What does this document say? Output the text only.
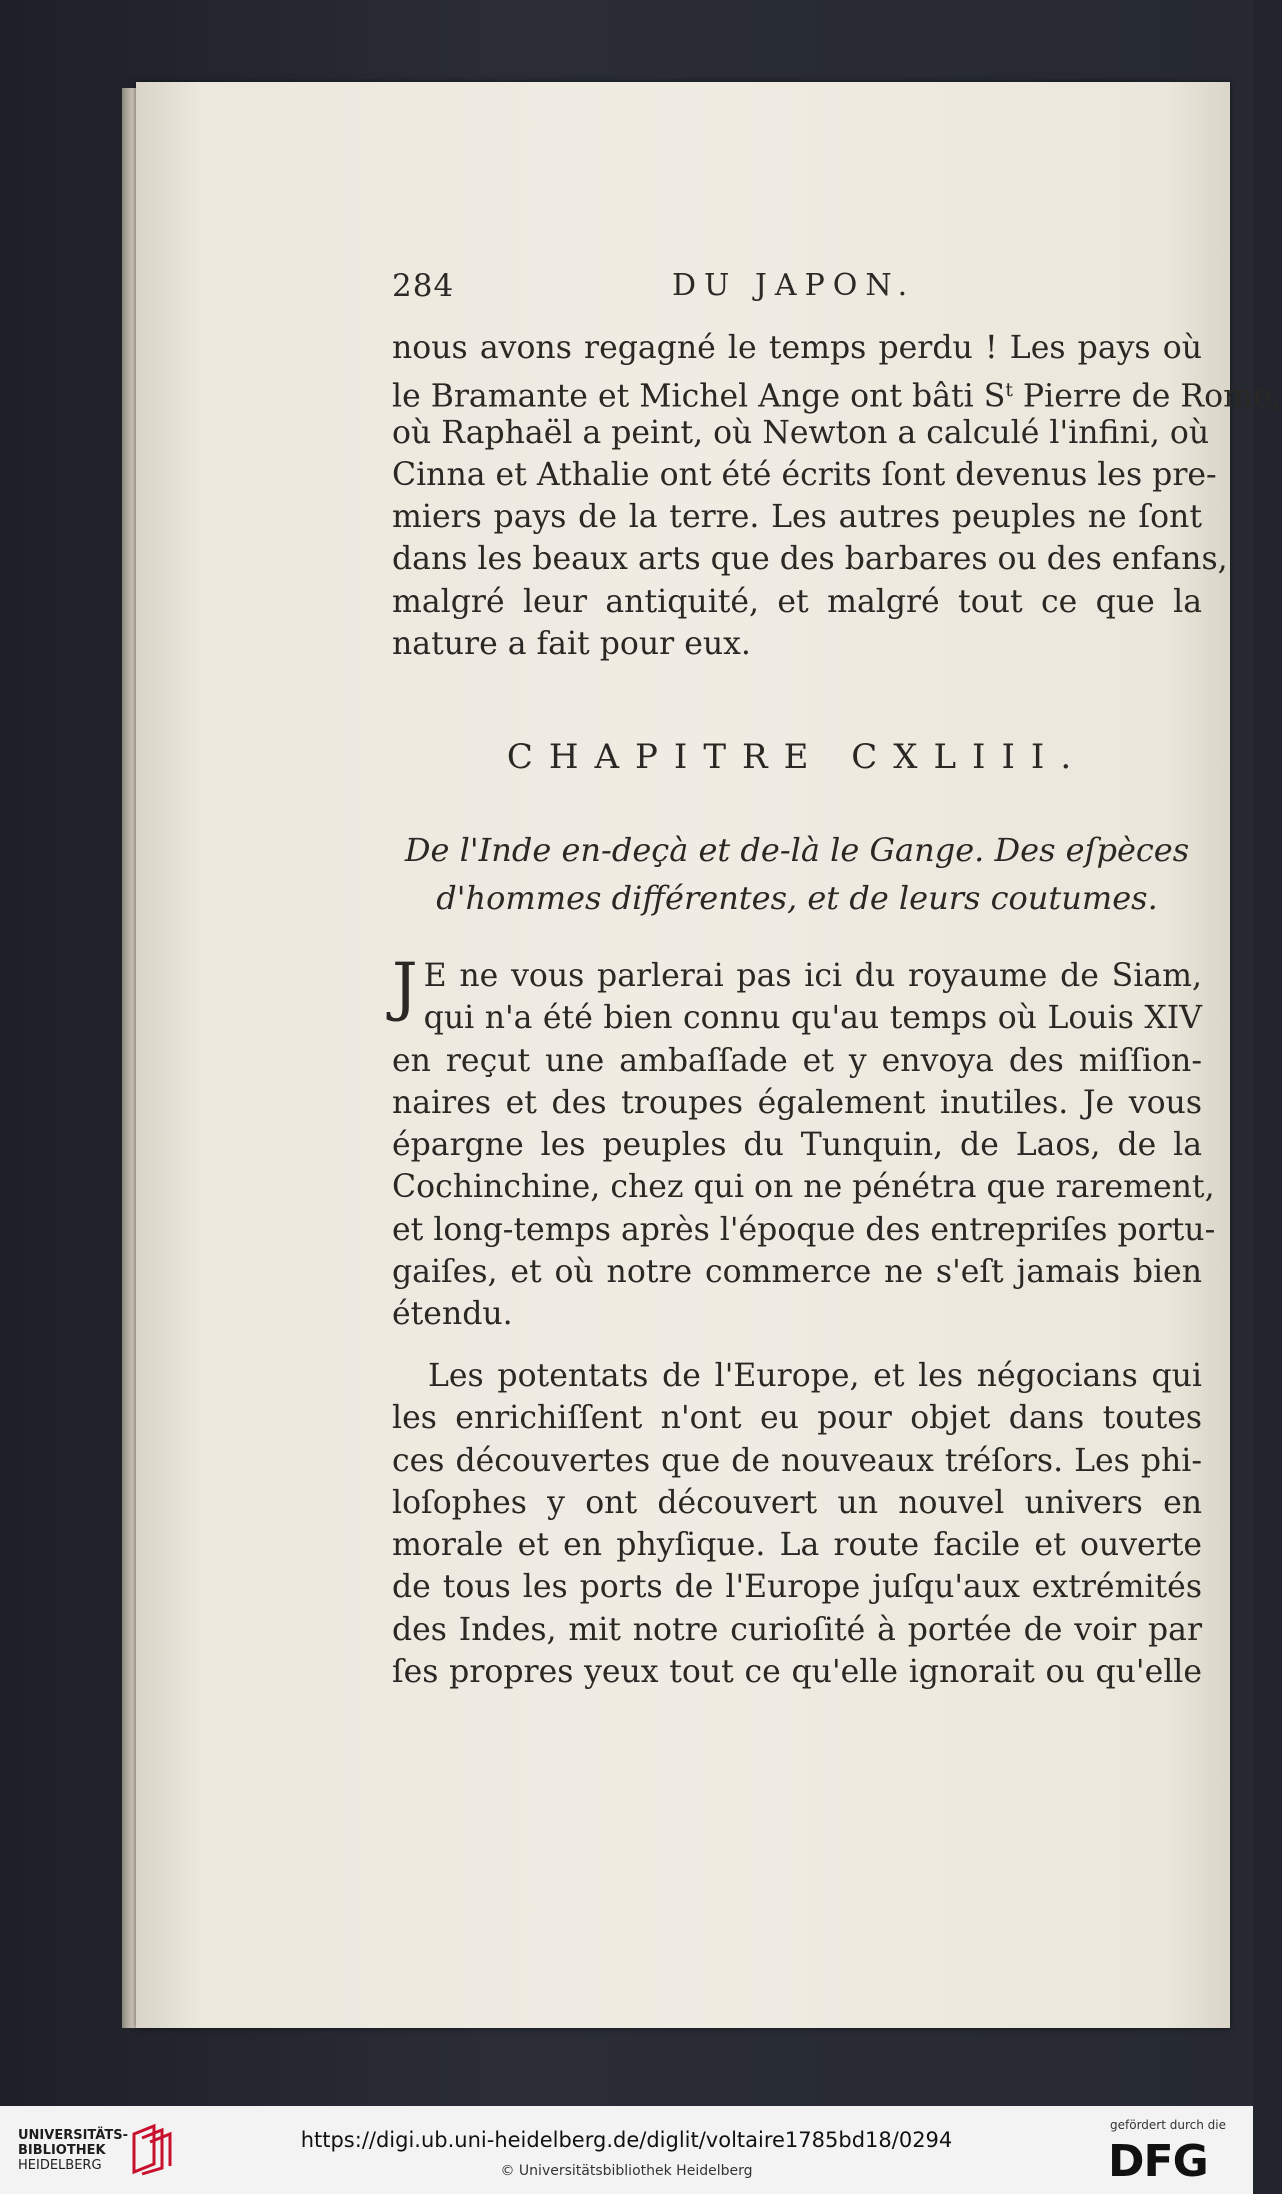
284	DU JAPON.
nous avons regagné le temps perdu ! Les pays où
le Bramante et Michel Ange ont bâti $S^t$ Pierre de Rome,
où Raphaël a peint, où Newton a calculé l'infini, où
Cinna et Athalie ont été écrits ſont devenus les pre-
miers pays de la terre. Les autres peuples ne ſont
dans les beaux arts que des barbares ou des enfans,
malgré leur antiquité, et malgré tout ce que la
nature a fait pour eux.
CHAPITRE CXLIII.
De l'Inde en-deçà et de-là le Gange. Des eſpèces
d'hommes différentes, et de leurs coutumes.
J E ne vous parlerai pas ici du royaume de Siam,
qui n'a été bien connu qu'au temps où Louis XIV
en reçut une ambaſſade et y envoya des miſſion-
naires et des troupes également inutiles. Je vous
épargne les peuples du Tunquin, de Laos, de la
Cochinchine, chez qui on ne pénétra que rarement,
et long-temps après l'époque des entrepriſes portu-
gaiſes, et où notre commerce ne s'eſt jamais bien
étendu.
Les potentats de l'Europe, et les négocians qui
les enrichiſſent n'ont eu pour objet dans toutes
ces découvertes que de nouveaux tréſors. Les phi-
loſophes y ont découvert un nouvel univers en
morale et en phyſique. La route facile et ouverte
de tous les ports de l'Europe juſqu'aux extrémités
des Indes, mit notre curioſité à portée de voir par
ſes propres yeux tout ce qu'elle ignorait ou qu'elle
UNIVERSITÄTS-
BIBLIOTHEK
HEIDELBERG
https://digi.ub.uni-heidelberg.de/diglit/voltaire1785bd18/0294
© Universitätsbibliothek Heidelberg
gefördert durch die
DFG
